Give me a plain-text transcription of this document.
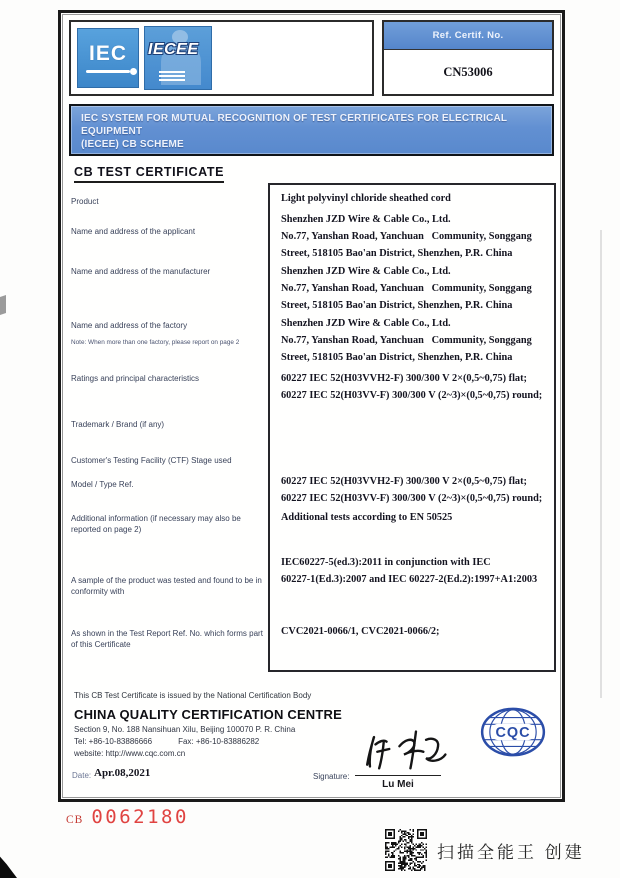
IEC IECEE
Ref. Certif. No.
CN53006
IEC SYSTEM FOR MUTUAL RECOGNITION OF TEST CERTIFICATES FOR ELECTRICAL EQUIPMENT
(IECEE) CB SCHEME
CB TEST CERTIFICATE
Product
Name and address of the applicant
Name and address of the manufacturer
Name and address of the factory
Note: When more than one factory, please report on page 2
Ratings and principal characteristics
Trademark / Brand (if any)
Customer's Testing Facility (CTF) Stage used
Model / Type Ref.
Additional information (if necessary may also be reported on page 2)
A sample of the product was tested and found to be in conformity with
As shown in the Test Report Ref. No. which forms part of this Certificate
Light polyvinyl chloride sheathed cord
Shenzhen JZD Wire & Cable Co., Ltd.
No.77, Yanshan Road, Yanchuan   Community, Songgang
Street, 518105 Bao'an District, Shenzhen, P.R. China
Shenzhen JZD Wire & Cable Co., Ltd.
No.77, Yanshan Road, Yanchuan   Community, Songgang
Street, 518105 Bao'an District, Shenzhen, P.R. China
Shenzhen JZD Wire & Cable Co., Ltd.
No.77, Yanshan Road, Yanchuan   Community, Songgang
Street, 518105 Bao'an District, Shenzhen, P.R. China
60227 IEC 52(H03VVH2-F) 300/300 V 2×(0,5~0,75) flat;
60227 IEC 52(H03VV-F) 300/300 V (2~3)×(0,5~0,75) round;
60227 IEC 52(H03VVH2-F) 300/300 V 2×(0,5~0,75) flat;
60227 IEC 52(H03VV-F) 300/300 V (2~3)×(0,5~0,75) round;
Additional tests according to EN 50525
IEC60227-5(ed.3):2011 in conjunction with IEC
60227-1(Ed.3):2007 and IEC 60227-2(Ed.2):1997+A1:2003
CVC2021-0066/1, CVC2021-0066/2;
This CB Test Certificate is issued by the National Certification Body
CHINA QUALITY CERTIFICATION CENTRE
Section 9, No. 188 Nansihuan Xilu, Beijing 100070 P. R. China
Tel: +86-10-83886666	Fax: +86-10-83886282
website: http://www.cqc.com.cn
Date: Apr.08,2021	Signature:
Lu Mei
CQC
CB 0062180
扫描全能王 创建
